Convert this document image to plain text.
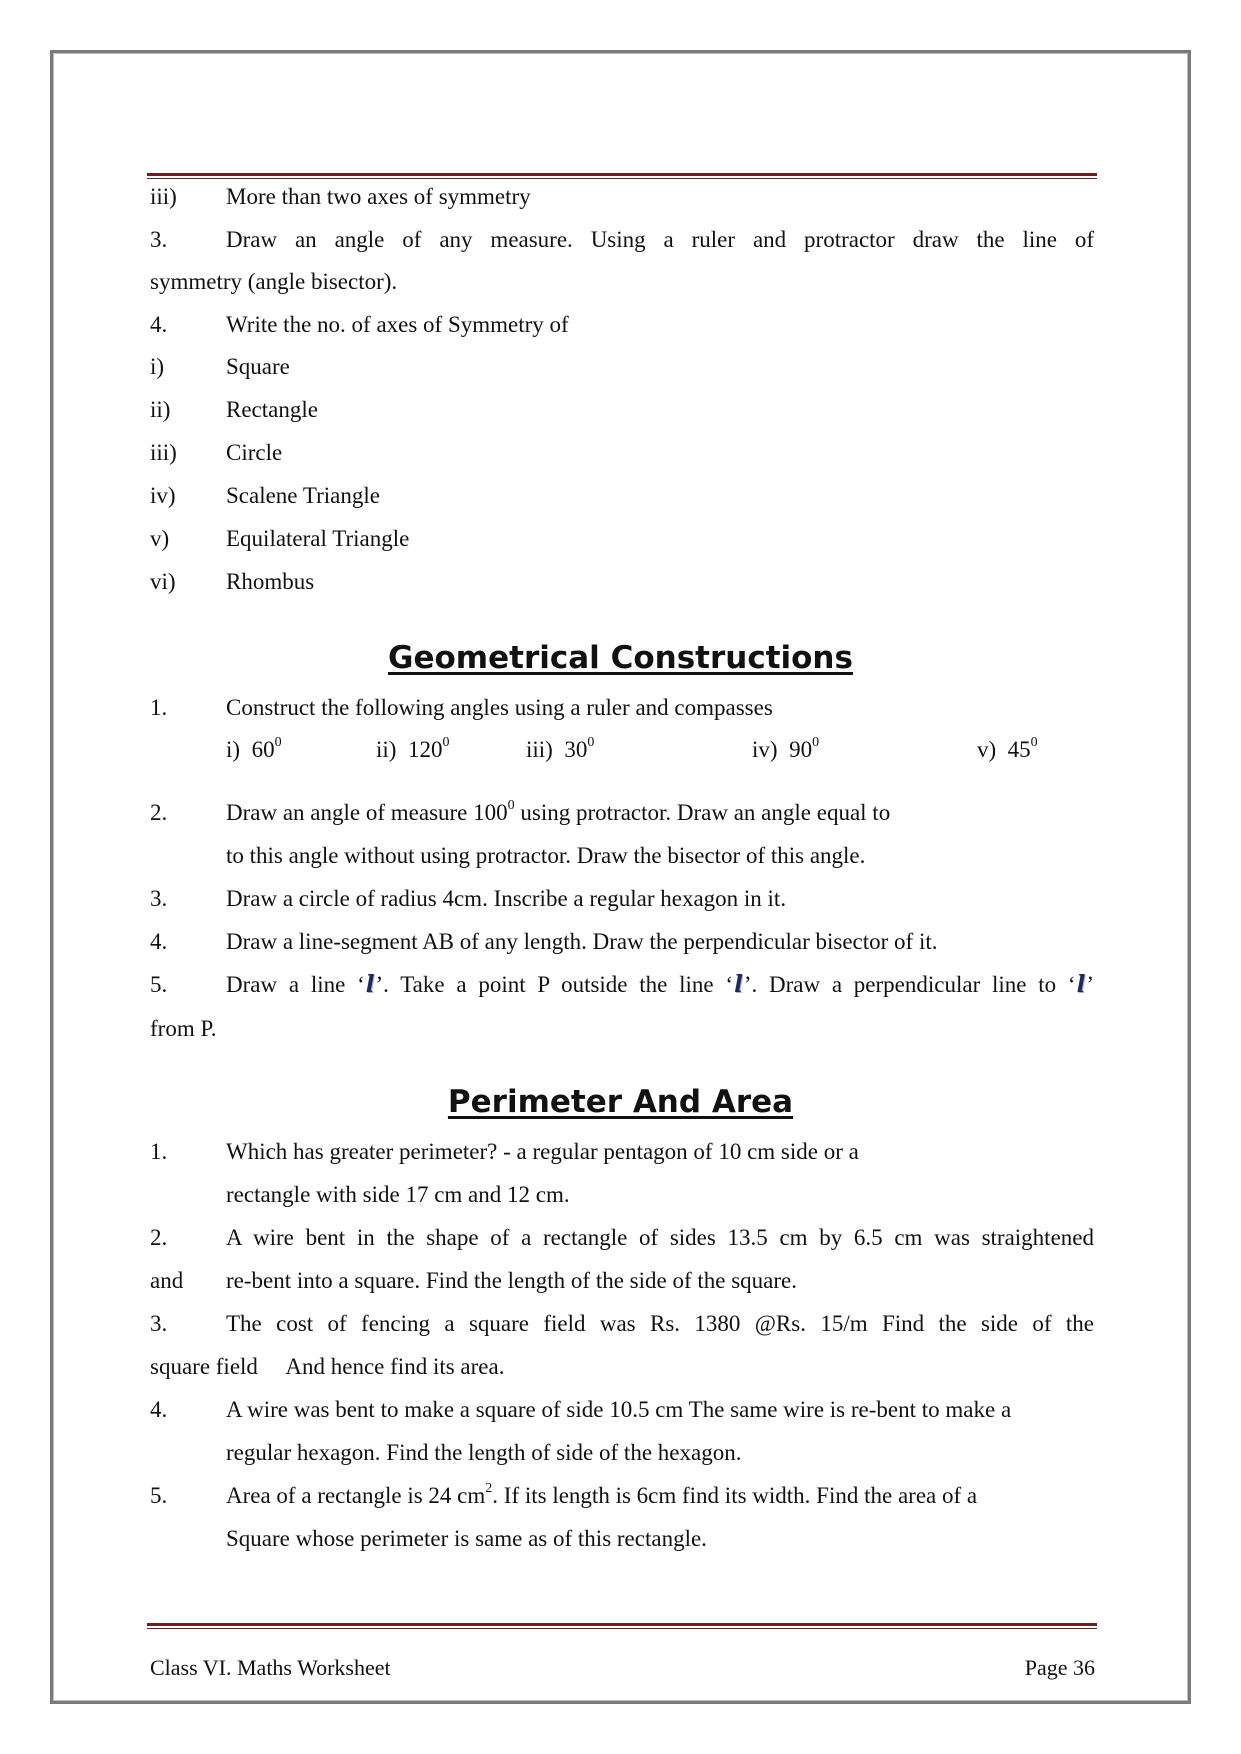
iii) More than two axes of symmetry
3.	Draw an angle of any measure. Using a ruler and protractor draw the line of
symmetry (angle bisector).
4.	Write the no. of axes of Symmetry of
i)	Square
ii) Rectangle
iii) Circle
iv) Scalene Triangle
v) Equilateral Triangle
vi) Rhombus
Geometrical Constructions
1.	Construct the following angles using a ruler and compasses
i) $60^0$	ii) $120^0$	iii) $30^0$	iv) $90^0$	v) $45^0$
2.	Draw an angle of measure $100^0$ using protractor. Draw an angle equal to
to this angle without using protractor. Draw the bisector of this angle.
3.	Draw a circle of radius 4cm. Inscribe a regular hexagon in it.
4.	Draw a line-segment AB of any length. Draw the perpendicular bisector of it.
5.	Draw a line ‘l’. Take a point P outside the line ‘l’. Draw a perpendicular line to ‘l’
from P.
Perimeter And Area
1.	Which has greater perimeter? - a regular pentagon of 10 cm side or a
rectangle with side 17 cm and 12 cm.
2.	A wire bent in the shape of a rectangle of sides 13.5 cm by 6.5 cm was straightened
and re-bent into a square. Find the length of the side of the square.
3.	The cost of fencing a square field was Rs. 1380 @Rs. 15/m Find the side of the
square field     And hence find its area.
4.	A wire was bent to make a square of side 10.5 cm The same wire is re-bent to make a
regular hexagon. Find the length of side of the hexagon.
5.	Area of a rectangle is 24 $cm^2$. If its length is 6cm find its width. Find the area of a
Square whose perimeter is same as of this rectangle.
Class VI. Maths Worksheet	Page 36
